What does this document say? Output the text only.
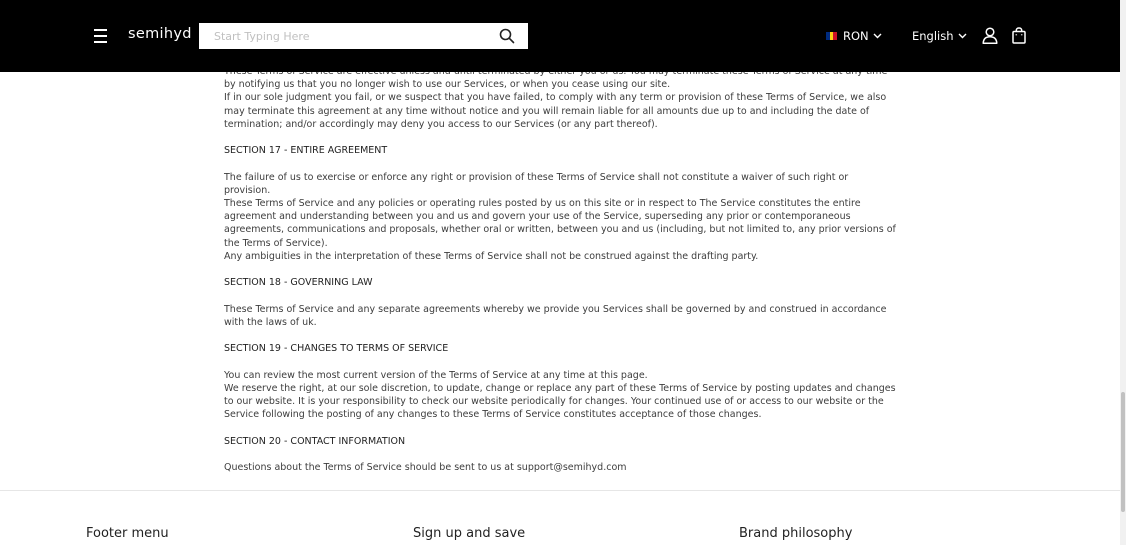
semihyd
Start Typing Here	RON	English

by notifying us that you no longer wish to use our Services, or when you cease using our site.
If in our sole judgment you fail, or we suspect that you have failed, to comply with any term or provision of these Terms of Service, we also may terminate this agreement at any time without notice and you will remain liable for all amounts due up to and including the date of termination; and/or accordingly may deny you access to our Services (or any part thereof).

SECTION 17 - ENTIRE AGREEMENT

The failure of us to exercise or enforce any right or provision of these Terms of Service shall not constitute a waiver of such right or provision.
These Terms of Service and any policies or operating rules posted by us on this site or in respect to The Service constitutes the entire agreement and understanding between you and us and govern your use of the Service, superseding any prior or contemporaneous agreements, communications and proposals, whether oral or written, between you and us (including, but not limited to, any prior versions of the Terms of Service).
Any ambiguities in the interpretation of these Terms of Service shall not be construed against the drafting party.

SECTION 18 - GOVERNING LAW

These Terms of Service and any separate agreements whereby we provide you Services shall be governed by and construed in accordance with the laws of uk.

SECTION 19 - CHANGES TO TERMS OF SERVICE

You can review the most current version of the Terms of Service at any time at this page.
We reserve the right, at our sole discretion, to update, change or replace any part of these Terms of Service by posting updates and changes to our website. It is your responsibility to check our website periodically for changes. Your continued use of or access to our website or the Service following the posting of any changes to these Terms of Service constitutes acceptance of those changes.

SECTION 20 - CONTACT INFORMATION

Questions about the Terms of Service should be sent to us at support@semihyd.com

Footer menu	Sign up and save	Brand philosophy
